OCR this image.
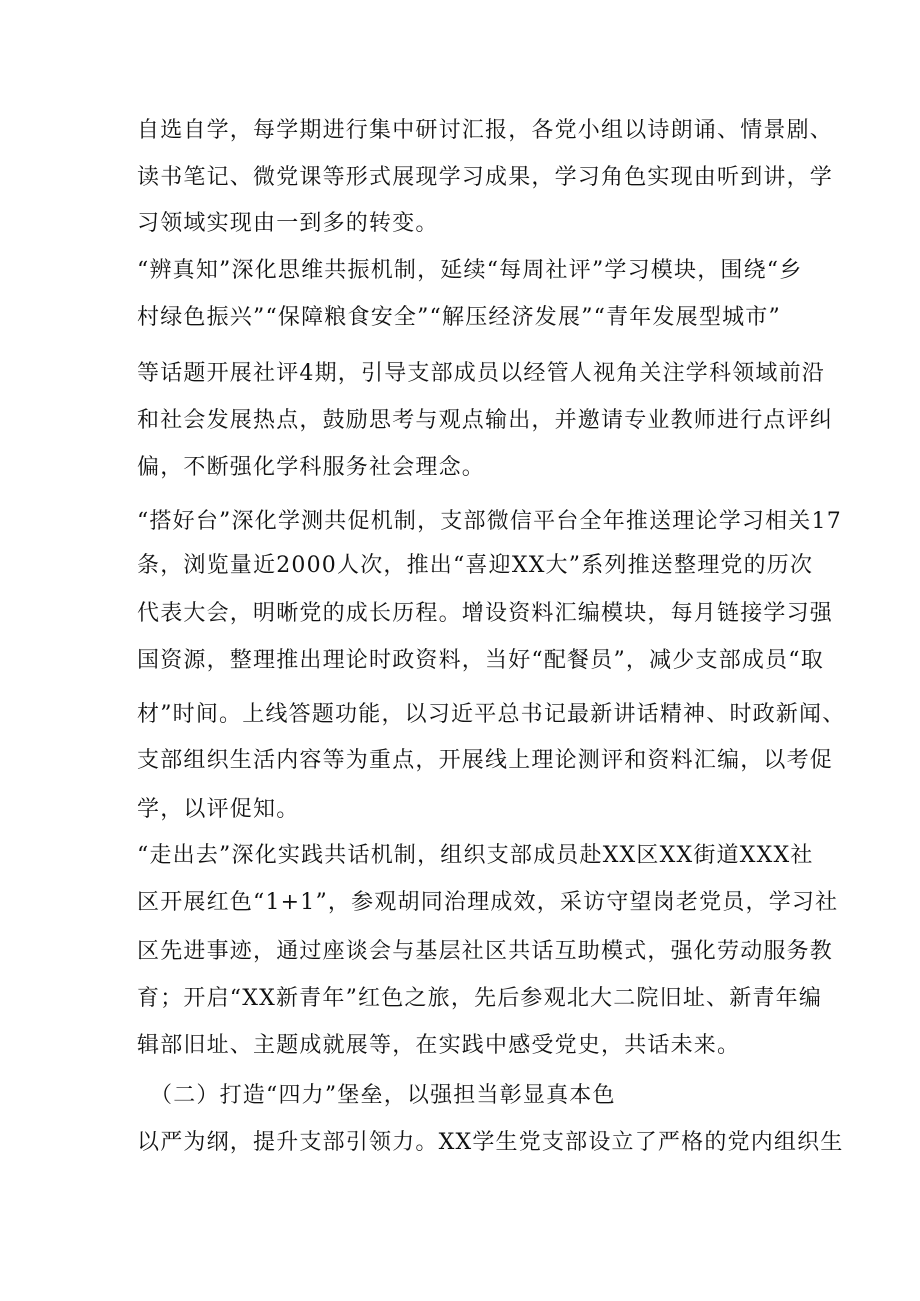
自选自学，每学期进行集中研讨汇报，各党小组以诗朗诵、情景剧、
读书笔记、微党课等形式展现学习成果，学习角色实现由听到讲，学
习领域实现由一到多的转变。
“辨真知”深化思维共振机制，延续“每周社评”学习模块，围绕“乡
村绿色振兴”“保障粮食安全”“解压经济发展”“青年发展型城市”
等话题开展社评4期，引导支部成员以经管人视角关注学科领域前沿
和社会发展热点，鼓励思考与观点输出，并邀请专业教师进行点评纠
偏，不断强化学科服务社会理念。
“搭好台”深化学测共促机制，支部微信平台全年推送理论学习相关17
条，浏览量近2000人次，推出“喜迎XX大”系列推送整理党的历次
代表大会，明晰党的成长历程。增设资料汇编模块，每月链接学习强
国资源，整理推出理论时政资料，当好“配餐员”，减少支部成员“取
材”时间。上线答题功能，以习近平总书记最新讲话精神、时政新闻、
支部组织生活内容等为重点，开展线上理论测评和资料汇编，以考促
学，以评促知。
“走出去”深化实践共话机制，组织支部成员赴XX区XX街道XXX社
区开展红色“1+1”，参观胡同治理成效，采访守望岗老党员，学习社
区先进事迹，通过座谈会与基层社区共话互助模式，强化劳动服务教
育；开启“XX新青年”红色之旅，先后参观北大二院旧址、新青年编
辑部旧址、主题成就展等，在实践中感受党史，共话未来。
（二）打造“四力”堡垒，以强担当彰显真本色
以严为纲，提升支部引领力。XX学生党支部设立了严格的党内组织生
